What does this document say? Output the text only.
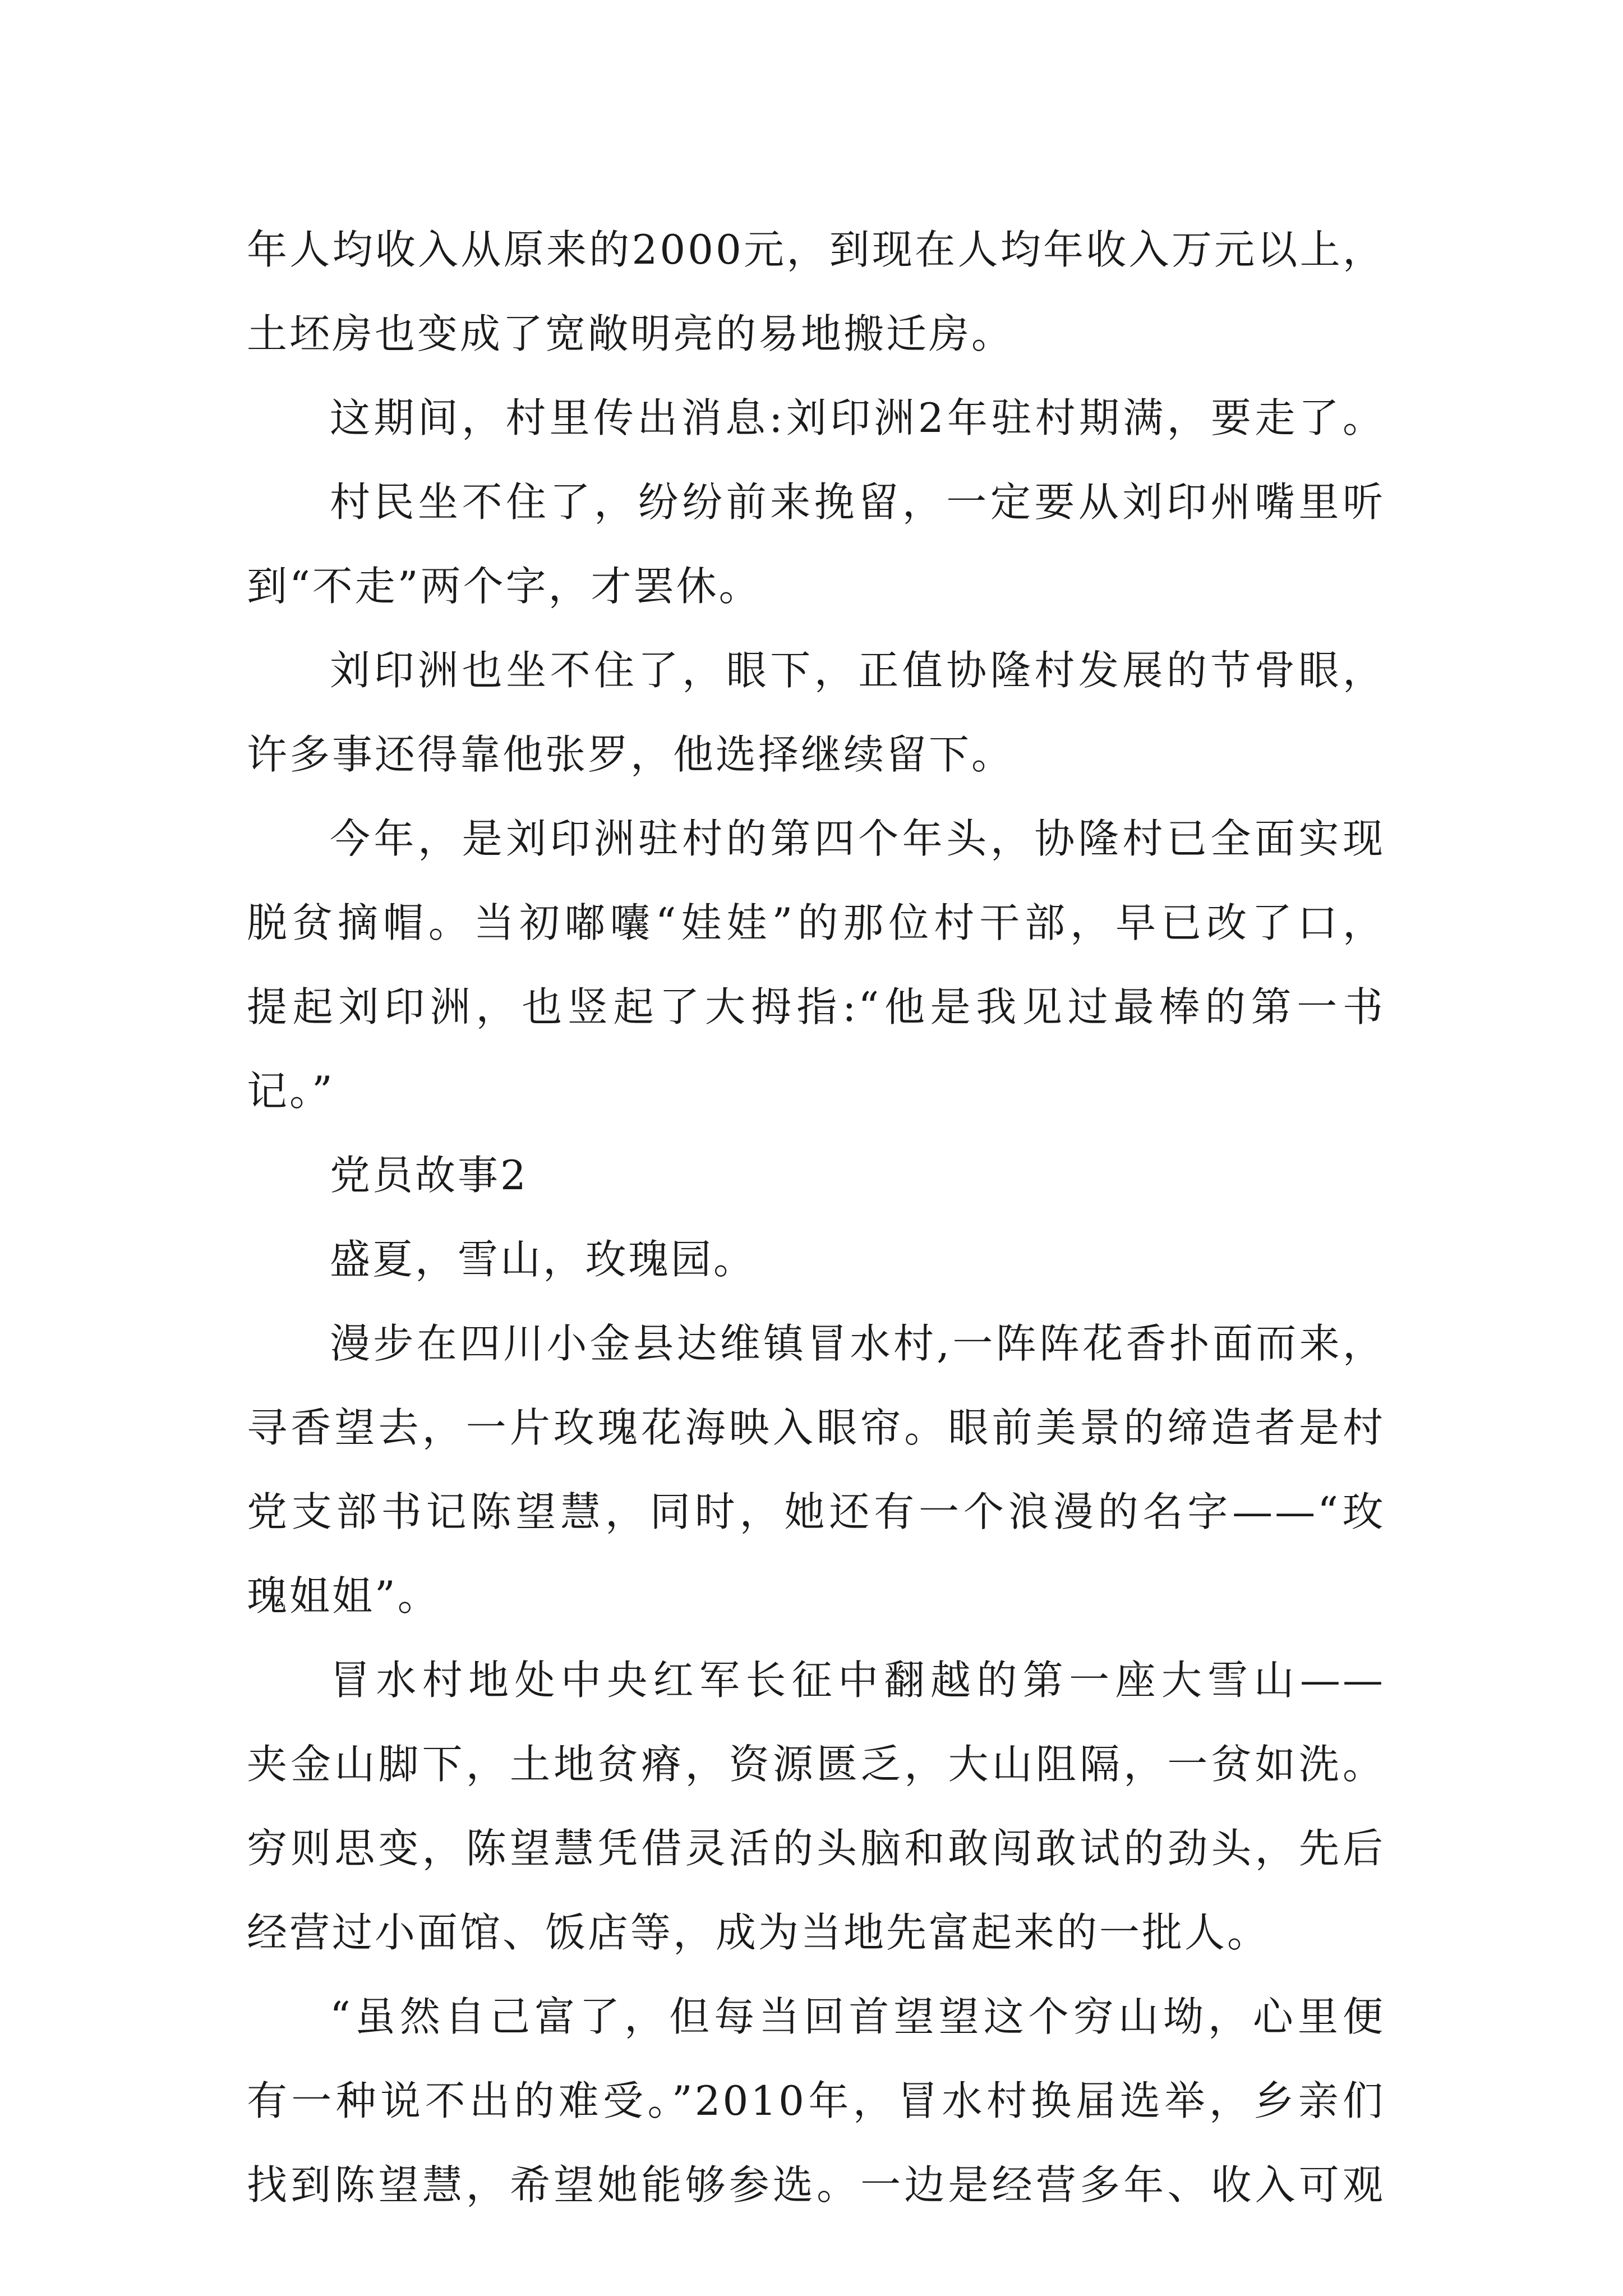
年人均收入从原来的2000元，到现在人均年收入万元以上，
土坯房也变成了宽敞明亮的易地搬迁房。
这期间，村里传出消息:刘印洲2年驻村期满，要走了。
村民坐不住了，纷纷前来挽留，一定要从刘印州嘴里听
到“不走”两个字，才罢休。
刘印洲也坐不住了，眼下，正值协隆村发展的节骨眼，
许多事还得靠他张罗，他选择继续留下。
今年，是刘印洲驻村的第四个年头，协隆村已全面实现
脱贫摘帽。当初嘟囔“娃娃”的那位村干部，早已改了口，
提起刘印洲，也竖起了大拇指:“他是我见过最棒的第一书
记。”
党员故事2
盛夏，雪山，玫瑰园。
漫步在四川小金县达维镇冒水村,一阵阵花香扑面而来，
寻香望去，一片玫瑰花海映入眼帘。眼前美景的缔造者是村
党支部书记陈望慧，同时，她还有一个浪漫的名字——“玫
瑰姐姐”。
冒水村地处中央红军长征中翻越的第一座大雪山——
夹金山脚下，土地贫瘠，资源匮乏，大山阻隔，一贫如洗。
穷则思变，陈望慧凭借灵活的头脑和敢闯敢试的劲头，先后
经营过小面馆、饭店等，成为当地先富起来的一批人。
“虽然自己富了，但每当回首望望这个穷山坳，心里便
有一种说不出的难受。”2010年，冒水村换届选举，乡亲们
找到陈望慧，希望她能够参选。一边是经营多年、收入可观
